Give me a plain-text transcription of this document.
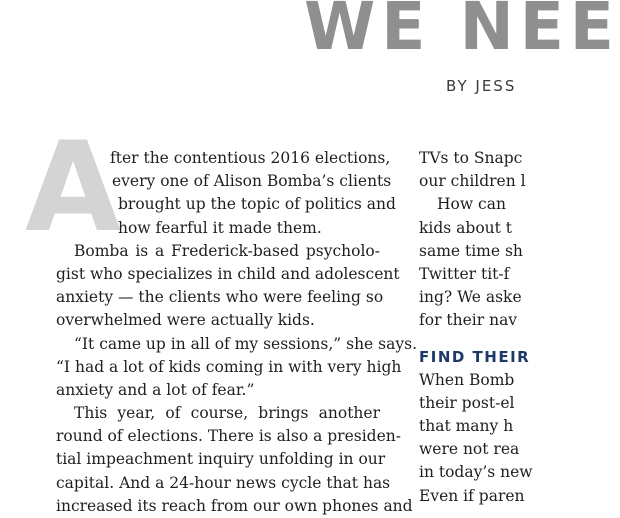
WE NEE
BY JESS
A
fter the contentious 2016 elections,
every one of Alison Bomba’s clients
brought up the topic of politics and
how fearful it made them.
Bomba is a Frederick-based psycholo-
gist who specializes in child and adolescent
anxiety — the clients who were feeling so
overwhelmed were actually kids.
“It came up in all of my sessions,” she says.
“I had a lot of kids coming in with very high
anxiety and a lot of fear.”
This year, of course, brings another
round of elections. There is also a presiden-
tial impeachment inquiry unfolding in our
capital. And a 24-hour news cycle that has
increased its reach from our own phones and
TVs to Snapc
our children l
How can
kids about t
same time sh
Twitter tit-f
ing? We aske
for their nav
FIND THEIR
When Bomb
their post-el
that many h
were not rea
in today’s new
Even if paren
